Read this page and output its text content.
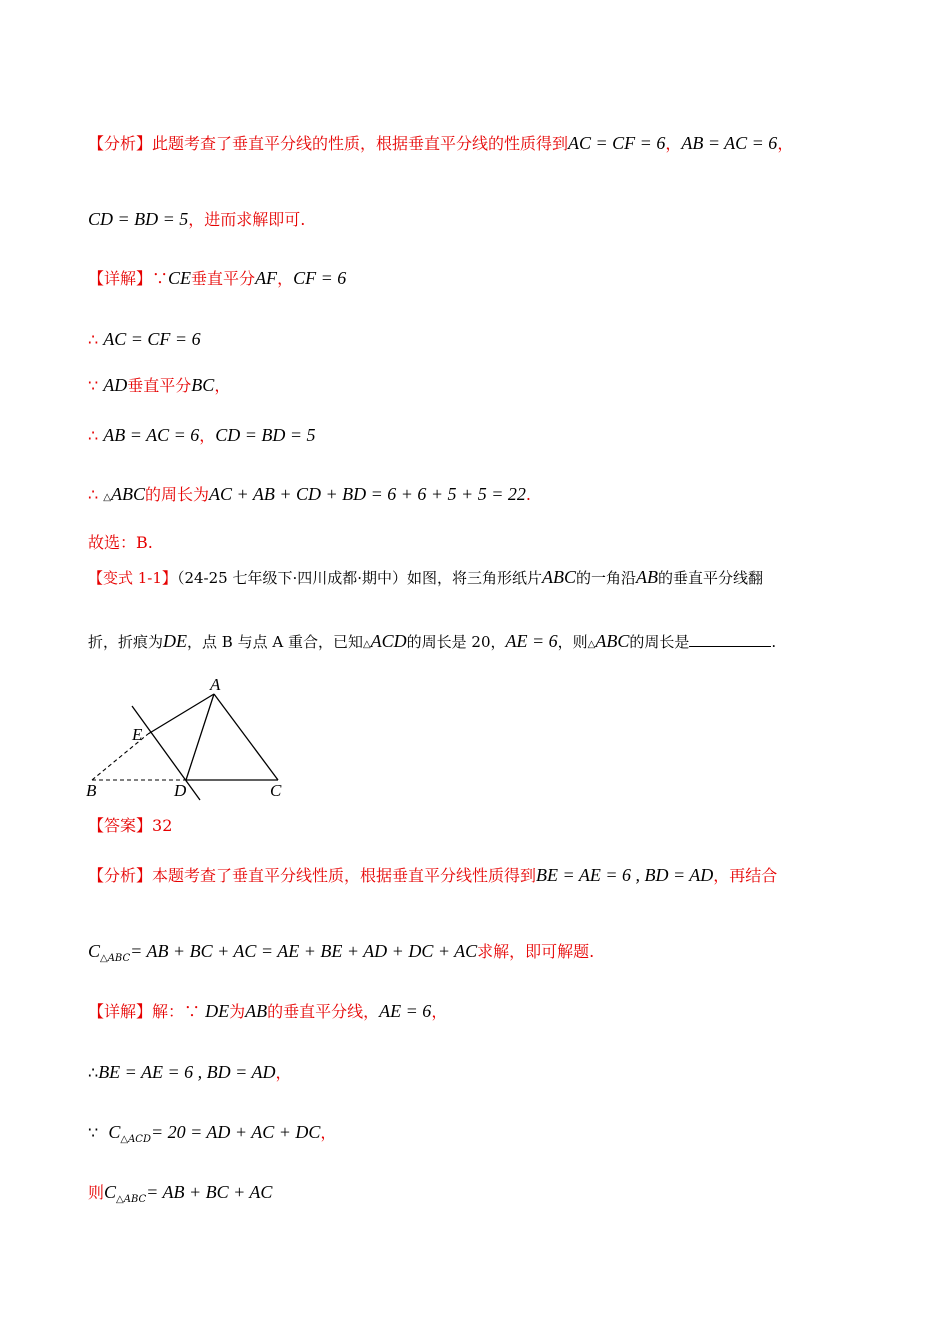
【分析】此题考查了垂直平分线的性质，根据垂直平分线的性质得到AC = CF = 6，AB = AC = 6，
CD = BD = 5，进而求解即可.
【详解】∵CE垂直平分AF，CF = 6
∴ AC = CF = 6
∵ AD垂直平分BC，
∴ AB = AC = 6，CD = BD = 5
∴ △ABC的周长为AC + AB + CD + BD = 6 + 6 + 5 + 5 = 22.
故选：B.
【变式 1-1】（24-25 七年级下·四川成都·期中）如图，将三角形纸片ABC的一角沿AB的垂直平分线翻
折，折痕为DE，点 B 与点 A 重合，已知△ACD的周长是 20，AE = 6，则△ABC的周长是	.
A
E
B	D	C
【答案】32
【分析】本题考查了垂直平分线性质，根据垂直平分线性质得到BE = AE = 6 , BD = AD，再结合
$C_{\triangle ABC}=$ AB + BC + AC = AE + BE + AD + DC + AC求解，即可解题.
【详解】解：∵ DE为AB的垂直平分线，AE = 6，
∴BE = AE = 6 , BD = AD，
∵ $C_{\triangle ACD}= 20$ = AD + AC + DC，
则$C_{\triangle ABC}=$ AB + BC + AC
